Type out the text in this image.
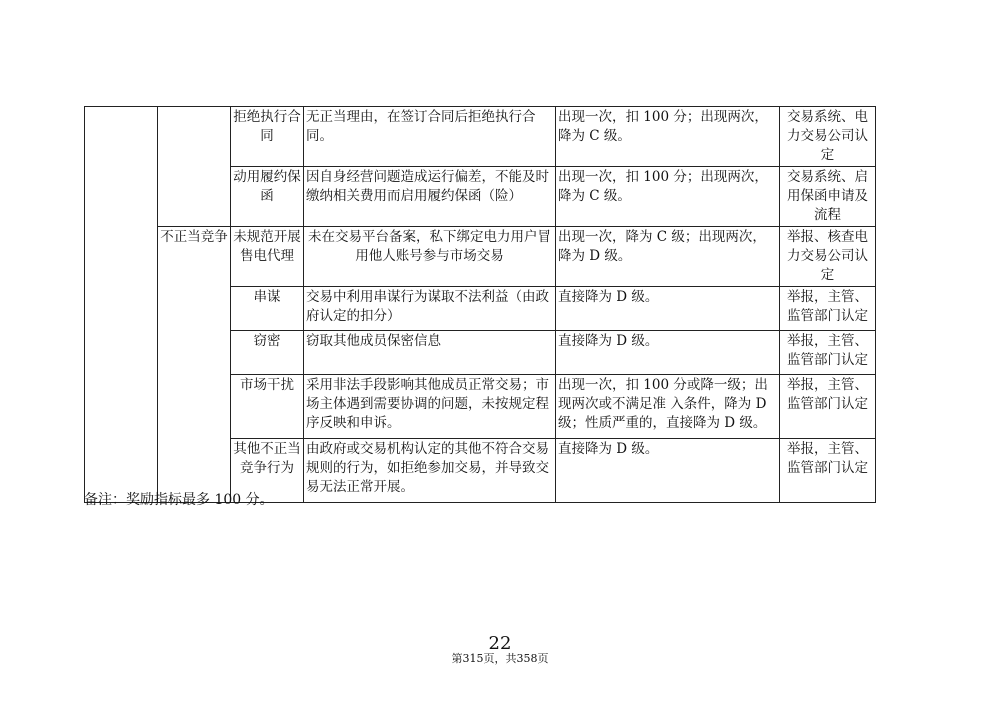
		拒绝执行合同	无正当理由，在签订合同后拒绝执行合同。	出现一次，扣 100 分；出现两次，降为 C 级。	交易系统、电力交易公司认定
		动用履约保函	因自身经营问题造成运行偏差，不能及时缴纳相关费用而启用履约保函（险）	出现一次，扣 100 分；出现两次，降为 C 级。	交易系统、启用保函申请及流程
	不正当竞争	未规范开展售电代理	未在交易平台备案，私下绑定电力用户冒用他人账号参与市场交易	出现一次，降为 C 级；出现两次，降为 D 级。	举报、核查电力交易公司认定
		串谋	交易中利用串谋行为谋取不法利益（由政府认定的扣分）	直接降为 D 级。	举报，主管、监管部门认定
		窃密	窃取其他成员保密信息	直接降为 D 级。	举报，主管、监管部门认定
		市场干扰	采用非法手段影响其他成员正常交易；市场主体遇到需要协调的问题，未按规定程序反映和申诉。	出现一次，扣 100 分或降一级；出现两次或不满足准 入条件，降为 D 级；性质严重的，直接降为 D 级。	举报，主管、监管部门认定
		其他不正当竞争行为	由政府或交易机构认定的其他不符合交易规则的行为，如拒绝参加交易，并导致交易无法正常开展。	直接降为 D 级。	举报，主管、监管部门认定
备注：奖励指标最多 100 分。
$_{第315页,共358页}$
22
